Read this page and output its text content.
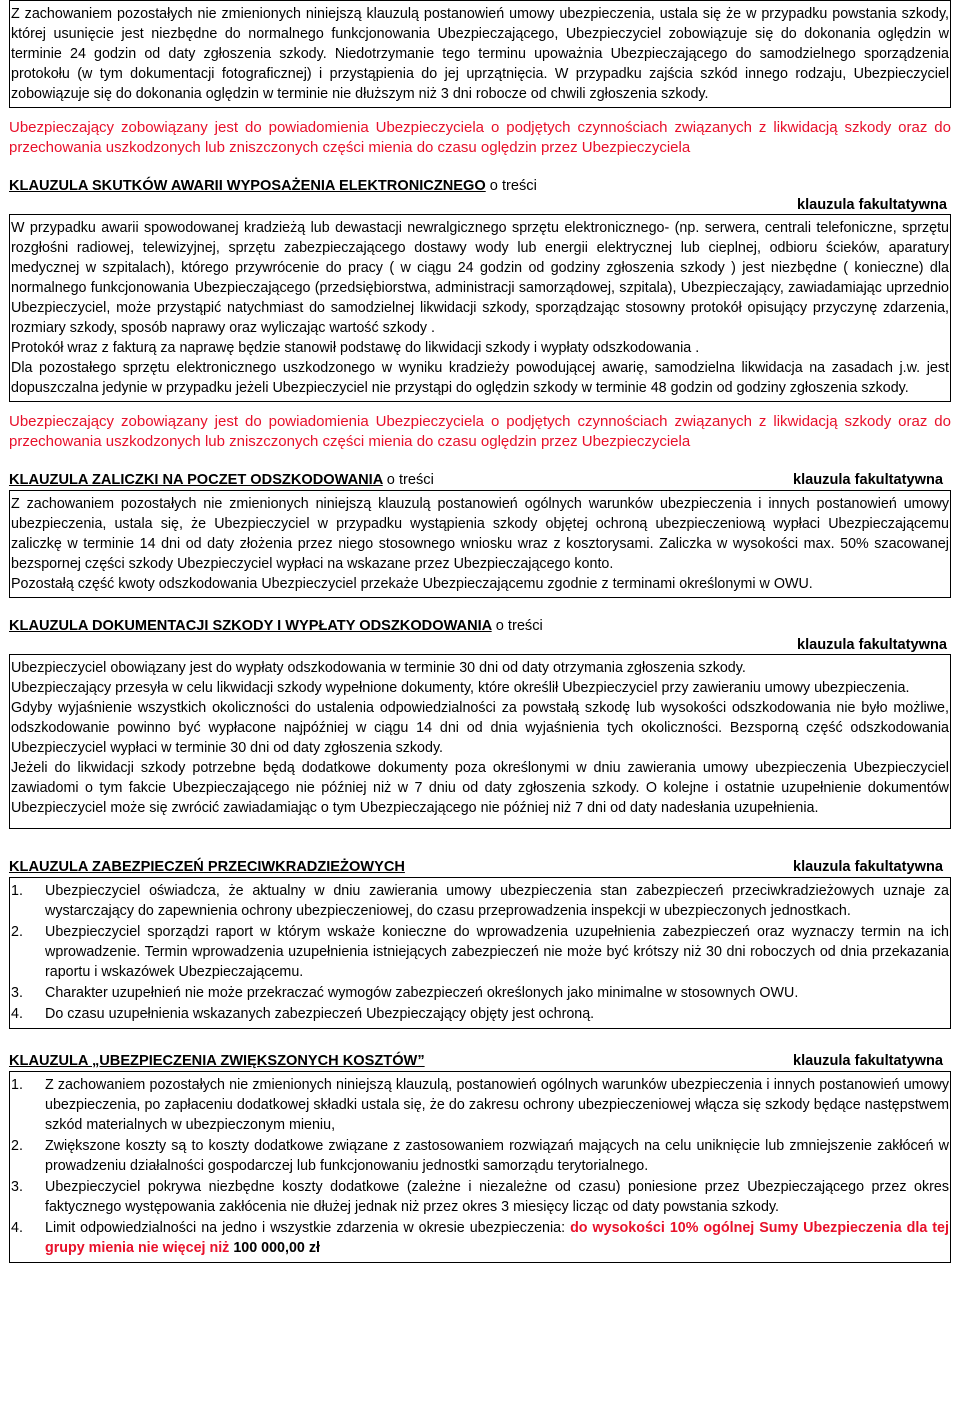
Z zachowaniem pozostałych nie zmienionych niniejszą klauzulą postanowień umowy ubezpieczenia, ustala się że w przypadku powstania szkody, której usunięcie jest niezbędne do normalnego funkcjonowania Ubezpieczającego, Ubezpieczyciel zobowiązuje się do dokonania oględzin w terminie 24 godzin od daty zgłoszenia szkody. Niedotrzymanie tego terminu upoważnia Ubezpieczającego do samodzielnego sporządzenia protokołu (w tym dokumentacji fotograficznej) i przystąpienia do jej uprzątnięcia. W przypadku zajścia szkód innego rodzaju, Ubezpieczyciel zobowiązuje się do dokonania oględzin w terminie nie dłuższym niż 3 dni robocze od chwili zgłoszenia szkody.

Ubezpieczający zobowiązany jest do powiadomienia Ubezpieczyciela o podjętych czynnościach związanych z likwidacją szkody oraz do przechowania uszkodzonych lub zniszczonych części mienia do czasu oględzin przez Ubezpieczyciela

KLAUZULA SKUTKÓW AWARII WYPOSAŻENIA ELEKTRONICZNEGO o treści

klauzula fakultatywna

W przypadku awarii spowodowanej kradzieżą lub dewastacji newralgicznego sprzętu elektronicznego- (np. serwera, centrali telefoniczne, sprzętu rozgłośni radiowej, telewizyjnej, sprzętu zabezpieczającego dostawy wody lub energii elektrycznej lub cieplnej, odbioru ścieków, aparatury medycznej w szpitalach), którego przywrócenie do pracy ( w ciągu 24 godzin od godziny zgłoszenia szkody ) jest niezbędne ( konieczne) dla normalnego funkcjonowania Ubezpieczającego (przedsiębiorstwa, administracji samorządowej, szpitala), Ubezpieczający, zawiadamiając uprzednio Ubezpieczyciel, może przystąpić natychmiast do samodzielnej likwidacji szkody, sporządzając stosowny protokół opisujący przyczynę zdarzenia, rozmiary szkody, sposób naprawy oraz wyliczając wartość szkody .

Protokół wraz z fakturą za naprawę będzie stanowił podstawę do likwidacji szkody i wypłaty odszkodowania .

Dla pozostałego sprzętu elektronicznego uszkodzonego w wyniku kradzieży powodującej awarię, samodzielna likwidacja na zasadach j.w. jest dopuszczalna jedynie w przypadku jeżeli Ubezpieczyciel nie przystąpi do oględzin szkody w terminie 48 godzin od godziny zgłoszenia szkody.

Ubezpieczający zobowiązany jest do powiadomienia Ubezpieczyciela o podjętych czynnościach związanych z likwidacją szkody oraz do przechowania uszkodzonych lub zniszczonych części mienia do czasu oględzin przez Ubezpieczyciela

KLAUZULA ZALICZKI NA POCZET ODSZKODOWANIA o treści	klauzula fakultatywna

Z zachowaniem pozostałych nie zmienionych niniejszą klauzulą postanowień ogólnych warunków ubezpieczenia i innych postanowień umowy ubezpieczenia, ustala się, że Ubezpieczyciel w przypadku wystąpienia szkody objętej ochroną ubezpieczeniową wypłaci Ubezpieczającemu zaliczkę w terminie 14 dni od daty złożenia przez niego stosownego wniosku wraz z kosztorysami. Zaliczka w wysokości max. 50% szacowanej bezspornej części szkody Ubezpieczyciel wypłaci na wskazane przez Ubezpieczającego konto.

Pozostałą część kwoty odszkodowania Ubezpieczyciel przekaże Ubezpieczającemu zgodnie z terminami określonymi w OWU.

KLAUZULA DOKUMENTACJI SZKODY I WYPŁATY ODSZKODOWANIA o treści

klauzula fakultatywna

Ubezpieczyciel obowiązany jest do wypłaty odszkodowania w terminie 30 dni od daty otrzymania zgłoszenia szkody.

Ubezpieczający przesyła w celu likwidacji szkody wypełnione dokumenty, które określił Ubezpieczyciel przy zawieraniu umowy ubezpieczenia.

Gdyby wyjaśnienie wszystkich okoliczności do ustalenia odpowiedzialności za powstałą szkodę lub wysokości odszkodowania nie było możliwe, odszkodowanie powinno być wypłacone najpóźniej w ciągu 14 dni od dnia wyjaśnienia tych okoliczności. Bezsporną część odszkodowania Ubezpieczyciel wypłaci w terminie 30 dni od daty zgłoszenia szkody.

Jeżeli do likwidacji szkody potrzebne będą dodatkowe dokumenty poza określonymi w dniu zawierania umowy ubezpieczenia Ubezpieczyciel zawiadomi o tym fakcie Ubezpieczającego nie później niż w 7 dniu od daty zgłoszenia szkody. O kolejne i ostatnie uzupełnienie dokumentów Ubezpieczyciel może się zwrócić zawiadamiając o tym Ubezpieczającego nie później niż 7 dni od daty nadesłania uzupełnienia.

KLAUZULA ZABEZPIECZEŃ PRZECIWKRADZIEŻOWYCH	klauzula fakultatywna

1. Ubezpieczyciel oświadcza, że aktualny w dniu zawierania umowy ubezpieczenia stan zabezpieczeń przeciwkradzieżowych uznaje za wystarczający do zapewnienia ochrony ubezpieczeniowej, do czasu przeprowadzenia inspekcji w ubezpieczonych jednostkach.
2. Ubezpieczyciel sporządzi raport w którym wskaże konieczne do wprowadzenia uzupełnienia zabezpieczeń oraz wyznaczy termin na ich wprowadzenie. Termin wprowadzenia uzupełnienia istniejących zabezpieczeń nie może być krótszy niż 30 dni roboczych od dnia przekazania raportu i wskazówek Ubezpieczającemu.
3. Charakter uzupełnień nie może przekraczać wymogów zabezpieczeń określonych jako minimalne w stosownych OWU.
4. Do czasu uzupełnienia wskazanych zabezpieczeń Ubezpieczający objęty jest ochroną.

KLAUZULA „UBEZPIECZENIA ZWIĘKSZONYCH KOSZTÓW”	klauzula fakultatywna

1. Z zachowaniem pozostałych nie zmienionych niniejszą klauzulą, postanowień ogólnych warunków ubezpieczenia i innych postanowień umowy ubezpieczenia, po zapłaceniu dodatkowej składki ustala się, że do zakresu ochrony ubezpieczeniowej włącza się szkody będące następstwem szkód materialnych w ubezpieczonym mieniu,
2. Zwiększone koszty są to koszty dodatkowe związane z zastosowaniem rozwiązań mających na celu uniknięcie lub zmniejszenie zakłóceń w prowadzeniu działalności gospodarczej lub funkcjonowaniu jednostki samorządu terytorialnego.
3. Ubezpieczyciel pokrywa niezbędne koszty dodatkowe (zależne i niezależne od czasu) poniesione przez Ubezpieczającego przez okres faktycznego występowania zakłócenia nie dłużej jednak niż przez okres 3 miesięcy licząc od daty powstania szkody.
4. Limit odpowiedzialności na jedno i wszystkie zdarzenia w okresie ubezpieczenia: do wysokości 10% ogólnej Sumy Ubezpieczenia dla tej grupy mienia nie więcej niż 100 000,00 zł
